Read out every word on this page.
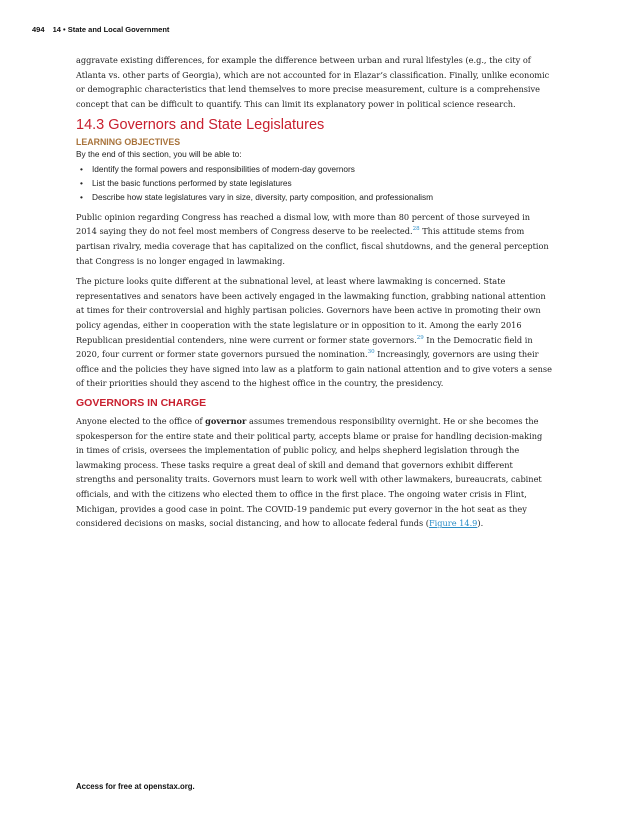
494 14 • State and Local Government

aggravate existing differences, for example the difference between urban and rural lifestyles (e.g., the city of Atlanta vs. other parts of Georgia), which are not accounted for in Elazar’s classification. Finally, unlike economic or demographic characteristics that lend themselves to more precise measurement, culture is a comprehensive concept that can be difficult to quantify. This can limit its explanatory power in political science research.

14.3 Governors and State Legislatures
LEARNING OBJECTIVES
By the end of this section, you will be able to:
• Identify the formal powers and responsibilities of modern-day governors
• List the basic functions performed by state legislatures
• Describe how state legislatures vary in size, diversity, party composition, and professionalism

Public opinion regarding Congress has reached a dismal low, with more than 80 percent of those surveyed in 2014 saying they do not feel most members of Congress deserve to be reelected.$^{28}$ This attitude stems from partisan rivalry, media coverage that has capitalized on the conflict, fiscal shutdowns, and the general perception that Congress is no longer engaged in lawmaking.

The picture looks quite different at the subnational level, at least where lawmaking is concerned. State representatives and senators have been actively engaged in the lawmaking function, grabbing national attention at times for their controversial and highly partisan policies. Governors have been active in promoting their own policy agendas, either in cooperation with the state legislature or in opposition to it. Among the early 2016 Republican presidential contenders, nine were current or former state governors.$^{29}$ In the Democratic field in 2020, four current or former state governors pursued the nomination.$^{30}$ Increasingly, governors are using their office and the policies they have signed into law as a platform to gain national attention and to give voters a sense of their priorities should they ascend to the highest office in the country, the presidency.

GOVERNORS IN CHARGE

Anyone elected to the office of governor assumes tremendous responsibility overnight. He or she becomes the spokesperson for the entire state and their political party, accepts blame or praise for handling decision-making in times of crisis, oversees the implementation of public policy, and helps shepherd legislation through the lawmaking process. These tasks require a great deal of skill and demand that governors exhibit different strengths and personality traits. Governors must learn to work well with other lawmakers, bureaucrats, cabinet officials, and with the citizens who elected them to office in the first place. The ongoing water crisis in Flint, Michigan, provides a good case in point. The COVID-19 pandemic put every governor in the hot seat as they considered decisions on masks, social distancing, and how to allocate federal funds (Figure 14.9).

Access for free at openstax.org.
